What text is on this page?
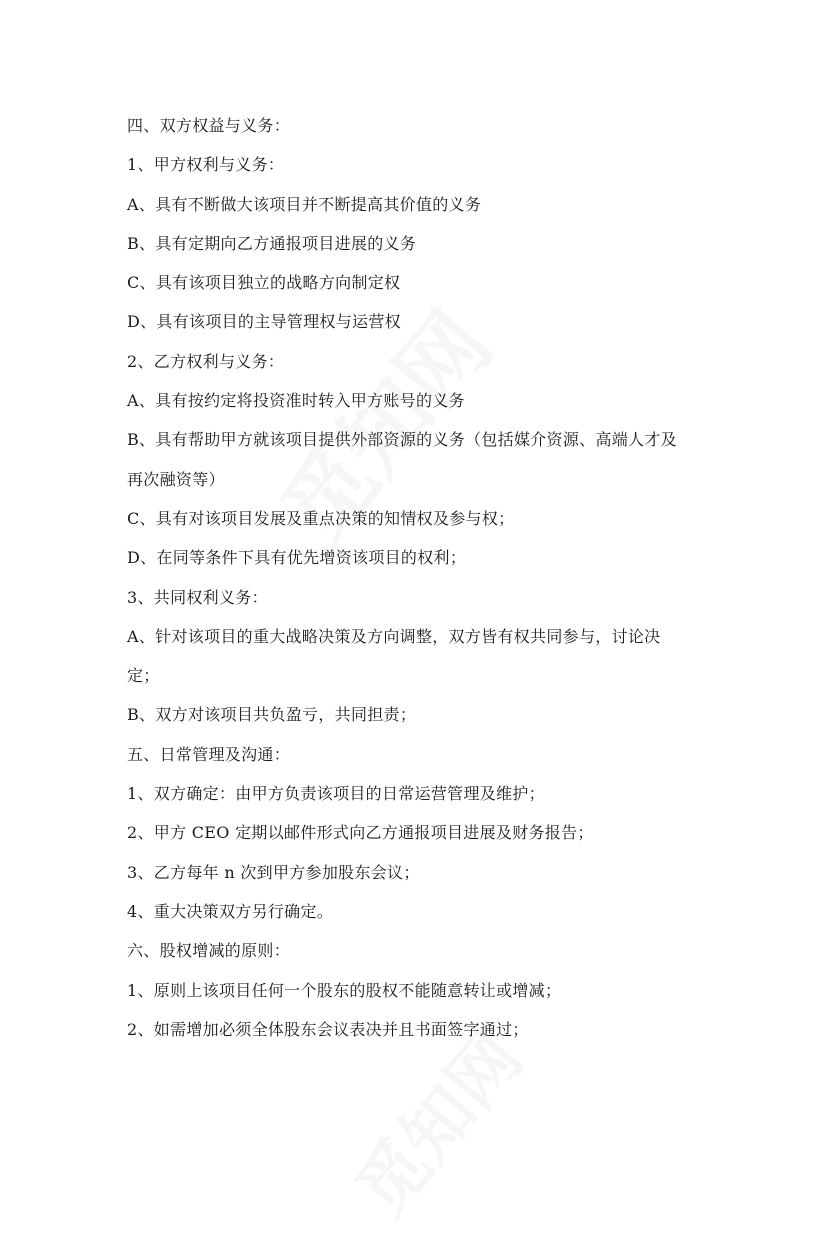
四、双方权益与义务：
1、甲方权利与义务：
A、具有不断做大该项目并不断提高其价值的义务
B、具有定期向乙方通报项目进展的义务
C、具有该项目独立的战略方向制定权
D、具有该项目的主导管理权与运营权
2、乙方权利与义务：
A、具有按约定将投资准时转入甲方账号的义务
B、具有帮助甲方就该项目提供外部资源的义务（包括媒介资源、高端人才及
再次融资等）
C、具有对该项目发展及重点决策的知情权及参与权；
D、在同等条件下具有优先增资该项目的权利；
3、共同权利义务：
A、针对该项目的重大战略决策及方向调整，双方皆有权共同参与，讨论决
定；
B、双方对该项目共负盈亏，共同担责；
五、日常管理及沟通：
1、双方确定：由甲方负责该项目的日常运营管理及维护；
2、甲方 CEO 定期以邮件形式向乙方通报项目进展及财务报告；
3、乙方每年 n 次到甲方参加股东会议；
4、重大决策双方另行确定。
六、股权增减的原则：
1、原则上该项目任何一个股东的股权不能随意转让或增减；
2、如需增加必须全体股东会议表决并且书面签字通过；
